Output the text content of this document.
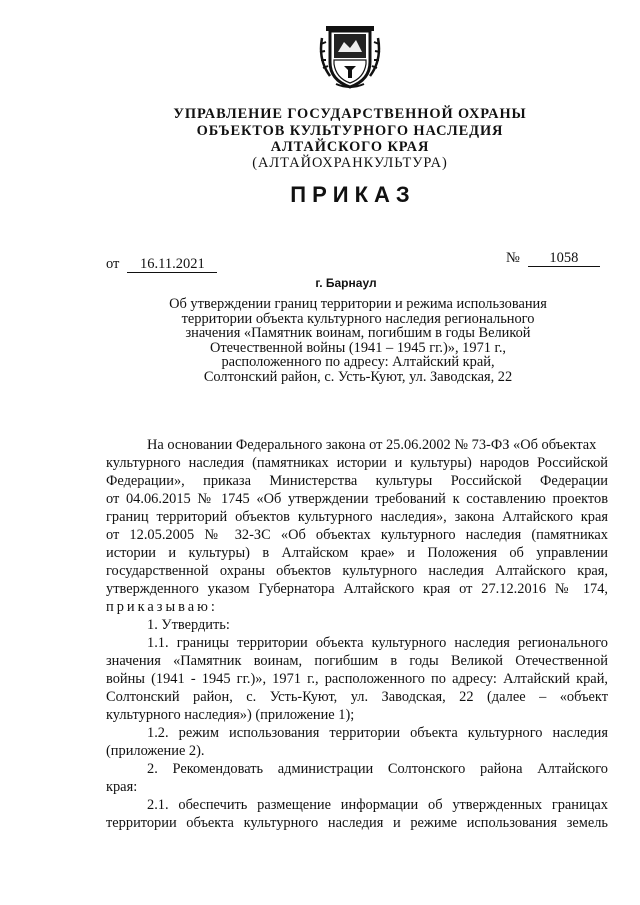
УПРАВЛЕНИЕ ГОСУДАРСТВЕННОЙ ОХРАНЫ
ОБЪЕКТОВ КУЛЬТУРНОГО НАСЛЕДИЯ
АЛТАЙСКОГО КРАЯ
(АЛТАЙОХРАНКУЛЬТУРА)
ПРИКАЗ
от 16.11.2021	№ 1058
г. Барнаул
Об утверждении границ территории и режима использования
территории объекта культурного наследия регионального
значения «Памятник воинам, погибшим в годы Великой
Отечественной войны (1941 – 1945 гг.)», 1971 г.,
расположенного по адресу: Алтайский край,
Солтонский район, с. Усть-Куют, ул. Заводская, 22
На основании Федерального закона от 25.06.2002 № 73-ФЗ «Об объектах
культурного наследия (памятниках истории и культуры) народов Российской
Федерации», приказа Министерства культуры Российской Федерации
от 04.06.2015 № 1745 «Об утверждении требований к составлению проектов
границ территорий объектов культурного наследия», закона Алтайского края
от 12.05.2005 № 32-ЗС «Об объектах культурного наследия (памятниках
истории и культуры) в Алтайском крае» и Положения об управлении
государственной охраны объектов культурного наследия Алтайского края,
утвержденного указом Губернатора Алтайского края от 27.12.2016 № 174,
приказываю:
1. Утвердить:
1.1. границы территории объекта культурного наследия регионального
значения «Памятник воинам, погибшим в годы Великой Отечественной
войны (1941 - 1945 гг.)», 1971 г., расположенного по адресу: Алтайский край,
Солтонский район, с. Усть-Куют, ул. Заводская, 22 (далее – «объект
культурного наследия») (приложение 1);
1.2. режим использования территории объекта культурного наследия
(приложение 2).
2. Рекомендовать администрации Солтонского района Алтайского
края:
2.1. обеспечить размещение информации об утвержденных границах
территории объекта культурного наследия и режиме использования земель
